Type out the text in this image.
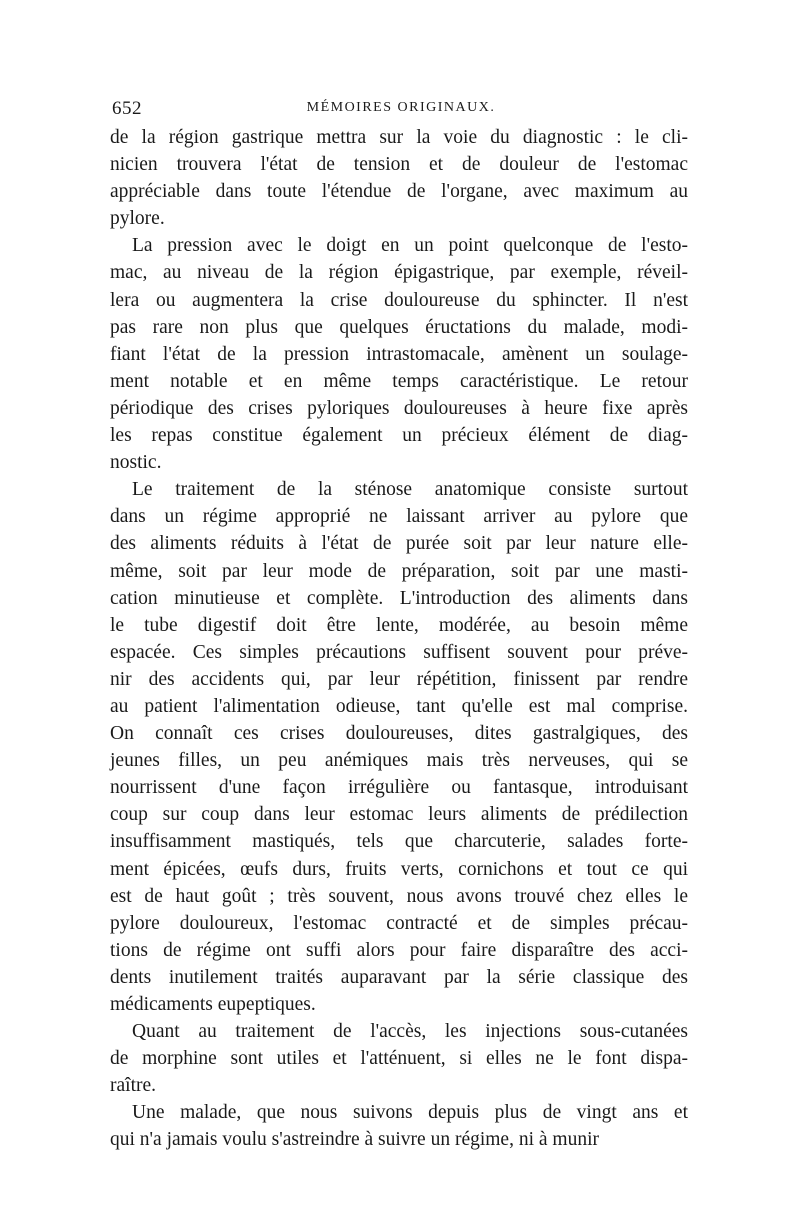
652	MÉMOIRES ORIGINAUX.
de la région gastrique mettra sur la voie du diagnostic : le cli-
nicien trouvera l'état de tension et de douleur de l'estomac
appréciable dans toute l'étendue de l'organe, avec maximum au
pylore.
La pression avec le doigt en un point quelconque de l'esto-
mac, au niveau de la région épigastrique, par exemple, réveil-
lera ou augmentera la crise douloureuse du sphincter. Il n'est
pas rare non plus que quelques éructations du malade, modi-
fiant l'état de la pression intrastomacale, amènent un soulage-
ment notable et en même temps caractéristique. Le retour
périodique des crises pyloriques douloureuses à heure fixe après
les repas constitue également un précieux élément de diag-
nostic.
Le traitement de la sténose anatomique consiste surtout
dans un régime approprié ne laissant arriver au pylore que
des aliments réduits à l'état de purée soit par leur nature elle-
même, soit par leur mode de préparation, soit par une masti-
cation minutieuse et complète. L'introduction des aliments dans
le tube digestif doit être lente, modérée, au besoin même
espacée. Ces simples précautions suffisent souvent pour préve-
nir des accidents qui, par leur répétition, finissent par rendre
au patient l'alimentation odieuse, tant qu'elle est mal comprise.
On connaît ces crises douloureuses, dites gastralgiques, des
jeunes filles, un peu anémiques mais très nerveuses, qui se
nourrissent d'une façon irrégulière ou fantasque, introduisant
coup sur coup dans leur estomac leurs aliments de prédilection
insuffisamment mastiqués, tels que charcuterie, salades forte-
ment épicées, œufs durs, fruits verts, cornichons et tout ce qui
est de haut goût ; très souvent, nous avons trouvé chez elles le
pylore douloureux, l'estomac contracté et de simples précau-
tions de régime ont suffi alors pour faire disparaître des acci-
dents inutilement traités auparavant par la série classique des
médicaments eupeptiques.
Quant au traitement de l'accès, les injections sous-cutanées
de morphine sont utiles et l'atténuent, si elles ne le font dispa-
raître.
Une malade, que nous suivons depuis plus de vingt ans et
qui n'a jamais voulu s'astreindre à suivre un régime, ni à munir
